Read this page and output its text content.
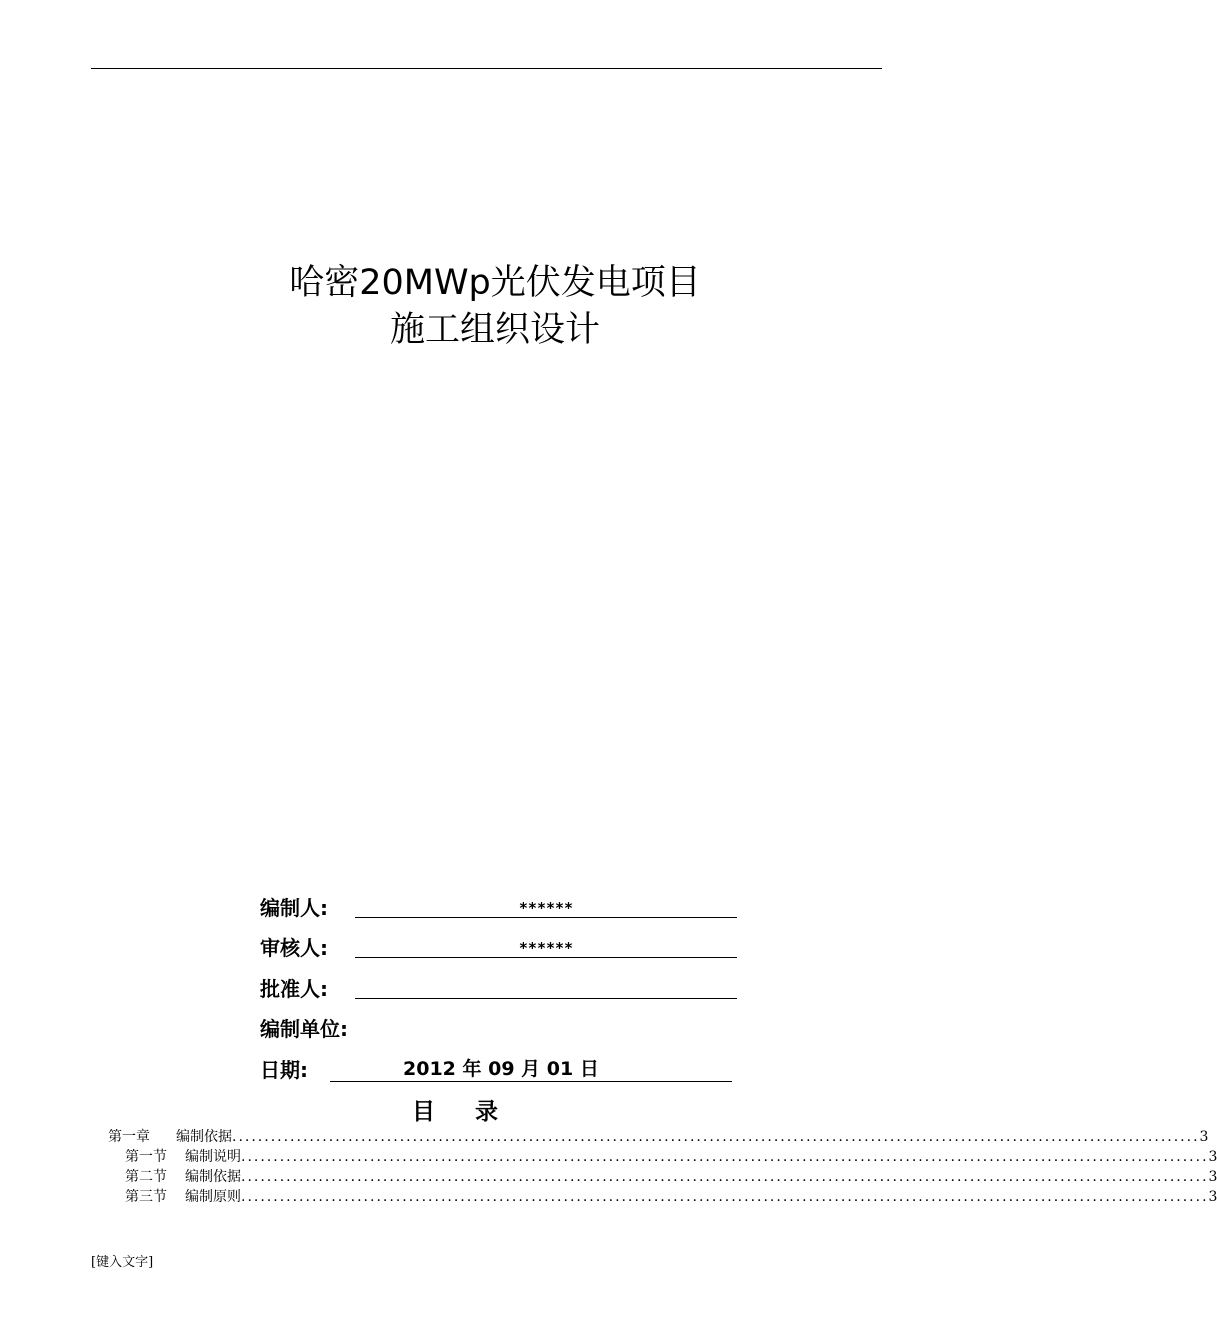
哈密20MWp光伏发电项目
施工组织设计
编制人:	******
审核人:	******
批准人:
编制单位:
日期:	2012 年 09 月 01 日
目录
第一章 编制依据 ...................................................................................................................................................... 3
第一节 编制说明 ...................................................................................................................................................... 3
第二节 编制依据 ...................................................................................................................................................... 3
第三节 编制原则 ...................................................................................................................................................... 3
[键入文字]
